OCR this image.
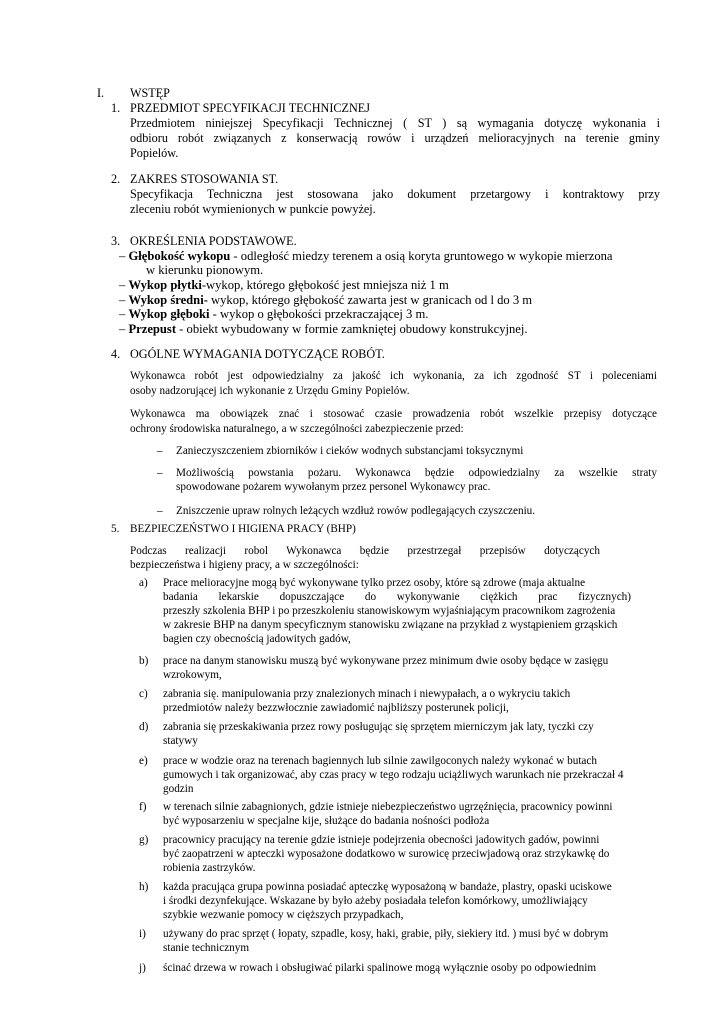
I. WSTĘP
1. PRZEDMIOT SPECYFIKACJI TECHNICZNEJ
Przedmiotem niniejszej Specyfikacji Technicznej ( ST ) są wymagania dotyczę wykonania i
odbioru robót związanych z konserwacją rowów i urządzeń melioracyjnych na terenie gminy
Popielów.
2. ZAKRES STOSOWANIA ST.
Specyfikacja Techniczna jest stosowana jako dokument przetargowy i kontraktowy przy
zleceniu robót wymienionych w punkcie powyżej.
3. OKREŚLENIA PODSTAWOWE.
– Głębokość wykopu - odległość miedzy terenem a osią koryta gruntowego w wykopie mierzona
w kierunku pionowym.
– Wykop płytki-wykop, którego głębokość jest mniejsza niż 1 m
– Wykop średni- wykop, którego głębokość zawarta jest w granicach od l do 3 m
– Wykop głęboki - wykop o głębokości przekraczającej 3 m.
– Przepust - obiekt wybudowany w formie zamkniętej obudowy konstrukcyjnej.
4. OGÓLNE WYMAGANIA DOTYCZĄCE ROBÓT.
Wykonawca robót jest odpowiedzialny za jakość ich wykonania, za ich zgodność ST i poleceniami
osoby nadzorującej ich wykonanie z Urzędu Gminy Popielów.
Wykonawca ma obowiązek znać i stosować czasie prowadzenia robót wszelkie przepisy dotyczące
ochrony środowiska naturalnego, a w szczególności zabezpieczenie przed:
– Zanieczyszczeniem zbiorników i cieków wodnych substancjami toksycznymi
– Możliwością powstania pożaru. Wykonawca będzie odpowiedzialny za wszelkie straty
spowodowane pożarem wywołanym przez personel Wykonawcy prac.
– Zniszczenie upraw rolnych leżących wzdłuż rowów podlegających czyszczeniu.
5. BEZPIECZEŃSTWO I HIGIENA PRACY (BHP)
Podczas realizacji robol Wykonawca będzie przestrzegał przepisów dotyczących
bezpieczeństwa i higieny pracy, a w szczególności:
a) Prace melioracyjne mogą być wykonywane tylko przez osoby, które są zdrowe (maja aktualne
badania lekarskie dopuszczające do wykonywanie ciężkich prac fizycznych)
przeszły szkolenia BHP i po przeszkoleniu stanowiskowym wyjaśniającym pracownikom zagrożenia
w zakresie BHP na danym specyficznym stanowisku związane na przykład z wystąpieniem grząskich
bagien czy obecnością jadowitych gadów,
b) prace na danym stanowisku muszą być wykonywane przez minimum dwie osoby będące w zasięgu
wzrokowym,
c) zabrania się. manipulowania przy znalezionych minach i niewypałach, a o wykryciu takich
przedmiotów należy bezzwłocznie zawiadomić najbliższy posterunek policji,
d) zabrania się przeskakiwania przez rowy posługując się sprzętem mierniczym jak laty, tyczki czy
statywy
e) prace w wodzie oraz na terenach bagiennych lub silnie zawilgoconych należy wykonać w butach
gumowych i tak organizować, aby czas pracy w tego rodzaju uciążliwych warunkach nie przekraczał 4
godzin
f) w terenach silnie zabagnionych, gdzie istnieje niebezpieczeństwo ugrzęźnięcia, pracownicy powinni
być wyposarzeniu w specjalne kije, służące do badania nośności podłoża
g) pracownicy pracujący na terenie gdzie istnieje podejrzenia obecności jadowitych gadów, powinni
być zaopatrzeni w apteczki wyposażone dodatkowo w surowicę przeciwjadową oraz strzykawkę do
robienia zastrzyków.
h) każda pracująca grupa powinna posiadać apteczkę wyposażoną w bandaże, plastry, opaski uciskowe
i środki dezynfekujące. Wskazane by było ażeby posiadała telefon komórkowy, umożliwiający
szybkie wezwanie pomocy w cięższych przypadkach,
i) używany do prac sprzęt ( łopaty, szpadle, kosy, haki, grabie, piły, siekiery itd. ) musi być w dobrym
stanie technicznym
j) ścinać drzewa w rowach i obsługiwać pilarki spalinowe mogą wyłącznie osoby po odpowiednim
